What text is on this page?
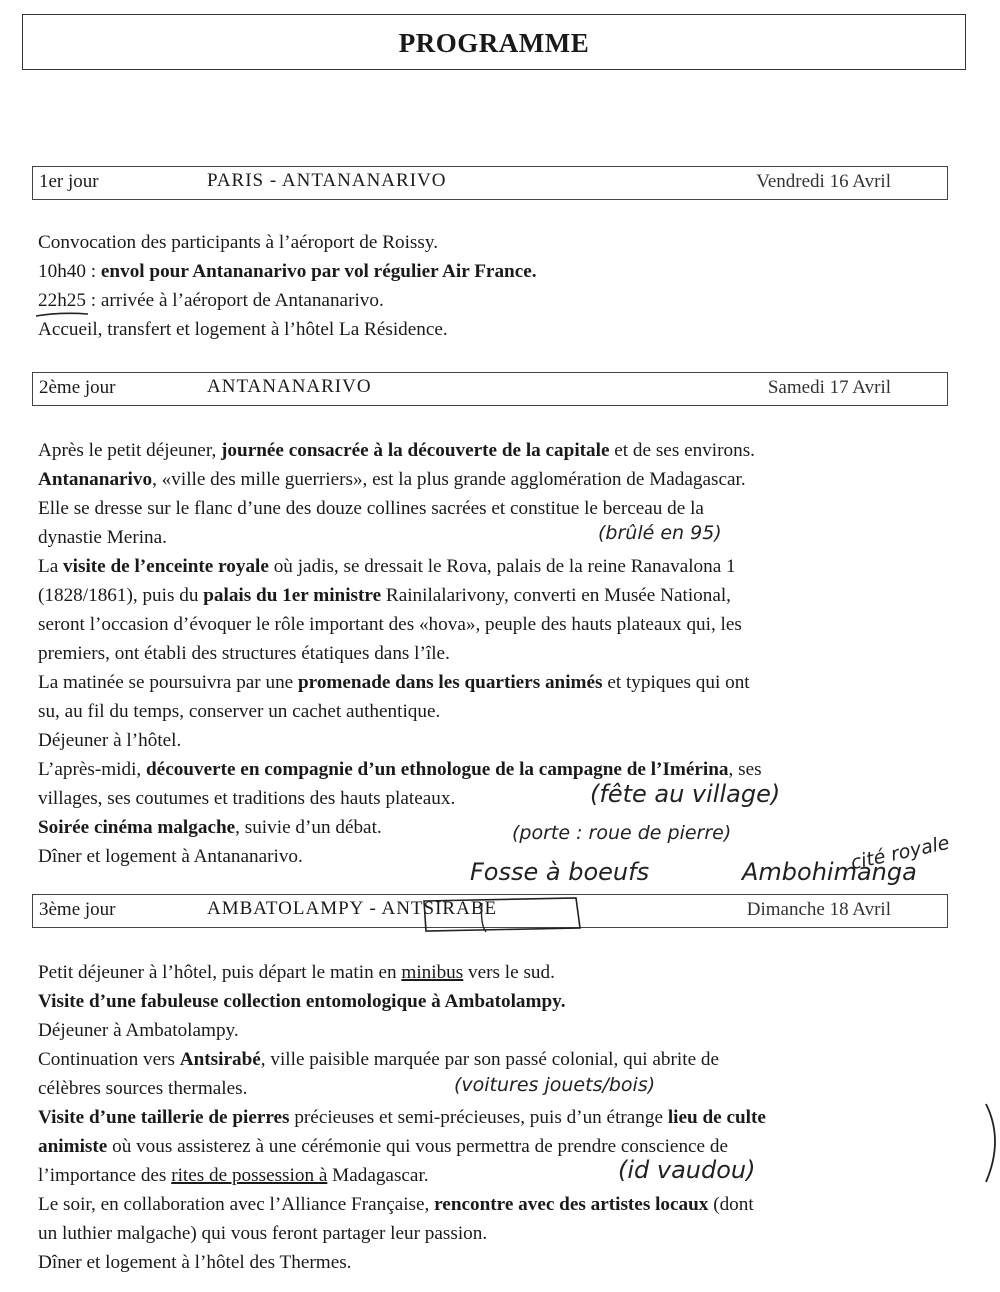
PROGRAMME
1er jour	PARIS - ANTANANARIVO	Vendredi 16 Avril

Convocation des participants à l’aéroport de Roissy.

10h40 : envol pour Antananarivo par vol régulier Air France.

22h25 : arrivée à l’aéroport de Antananarivo.

Accueil, transfert et logement à l’hôtel La Résidence.

2ème jour	ANTANANARIVO	Samedi 17 Avril

Après le petit déjeuner, journée consacrée à la découverte de la capitale et de ses environs.

Antananarivo, «ville des mille guerriers», est la plus grande agglomération de Madagascar.

Elle se dresse sur le flanc d’une des douze collines sacrées et constitue le berceau de la

dynastie Merina.

La visite de l’enceinte royale où jadis, se dressait le Rova, palais de la reine Ranavalona 1

(1828/1861), puis du palais du 1er ministre Rainilalarivony, converti en Musée National,

seront l’occasion d’évoquer le rôle important des «hova», peuple des hauts plateaux qui, les

premiers, ont établi des structures étatiques dans l’île.

La matinée se poursuivra par une promenade dans les quartiers animés et typiques qui ont

su, au fil du temps, conserver un cachet authentique.

Déjeuner à l’hôtel.

L’après-midi, découverte en compagnie d’un ethnologue de la campagne de l’Imérina, ses

villages, ses coutumes et traditions des hauts plateaux.

Soirée cinéma malgache, suivie d’un débat.

Dîner et logement à Antananarivo.

3ème jour	AMBATOLAMPY - ANTSIRABE	Dimanche 18 Avril

Petit déjeuner à l’hôtel, puis départ le matin en minibus vers le sud.

Visite d’une fabuleuse collection entomologique à Ambatolampy.

Déjeuner à Ambatolampy.

Continuation vers Antsirabé, ville paisible marquée par son passé colonial, qui abrite de

célèbres sources thermales.

Visite d’une taillerie de pierres précieuses et semi-précieuses, puis d’un étrange lieu de culte

animiste où vous assisterez à une cérémonie qui vous permettra de prendre conscience de

l’importance des rites de possession à Madagascar.

Le soir, en collaboration avec l’Alliance Française, rencontre avec des artistes locaux (dont

un luthier malgache) qui vous feront partager leur passion.

Dîner et logement à l’hôtel des Thermes.

(brûlé en 95)
(fête au village)
(porte : roue de pierre)	cité royale
Fosse à boeufs	Ambohimanga
(voitures jouets/bois)
(id vaudou)
